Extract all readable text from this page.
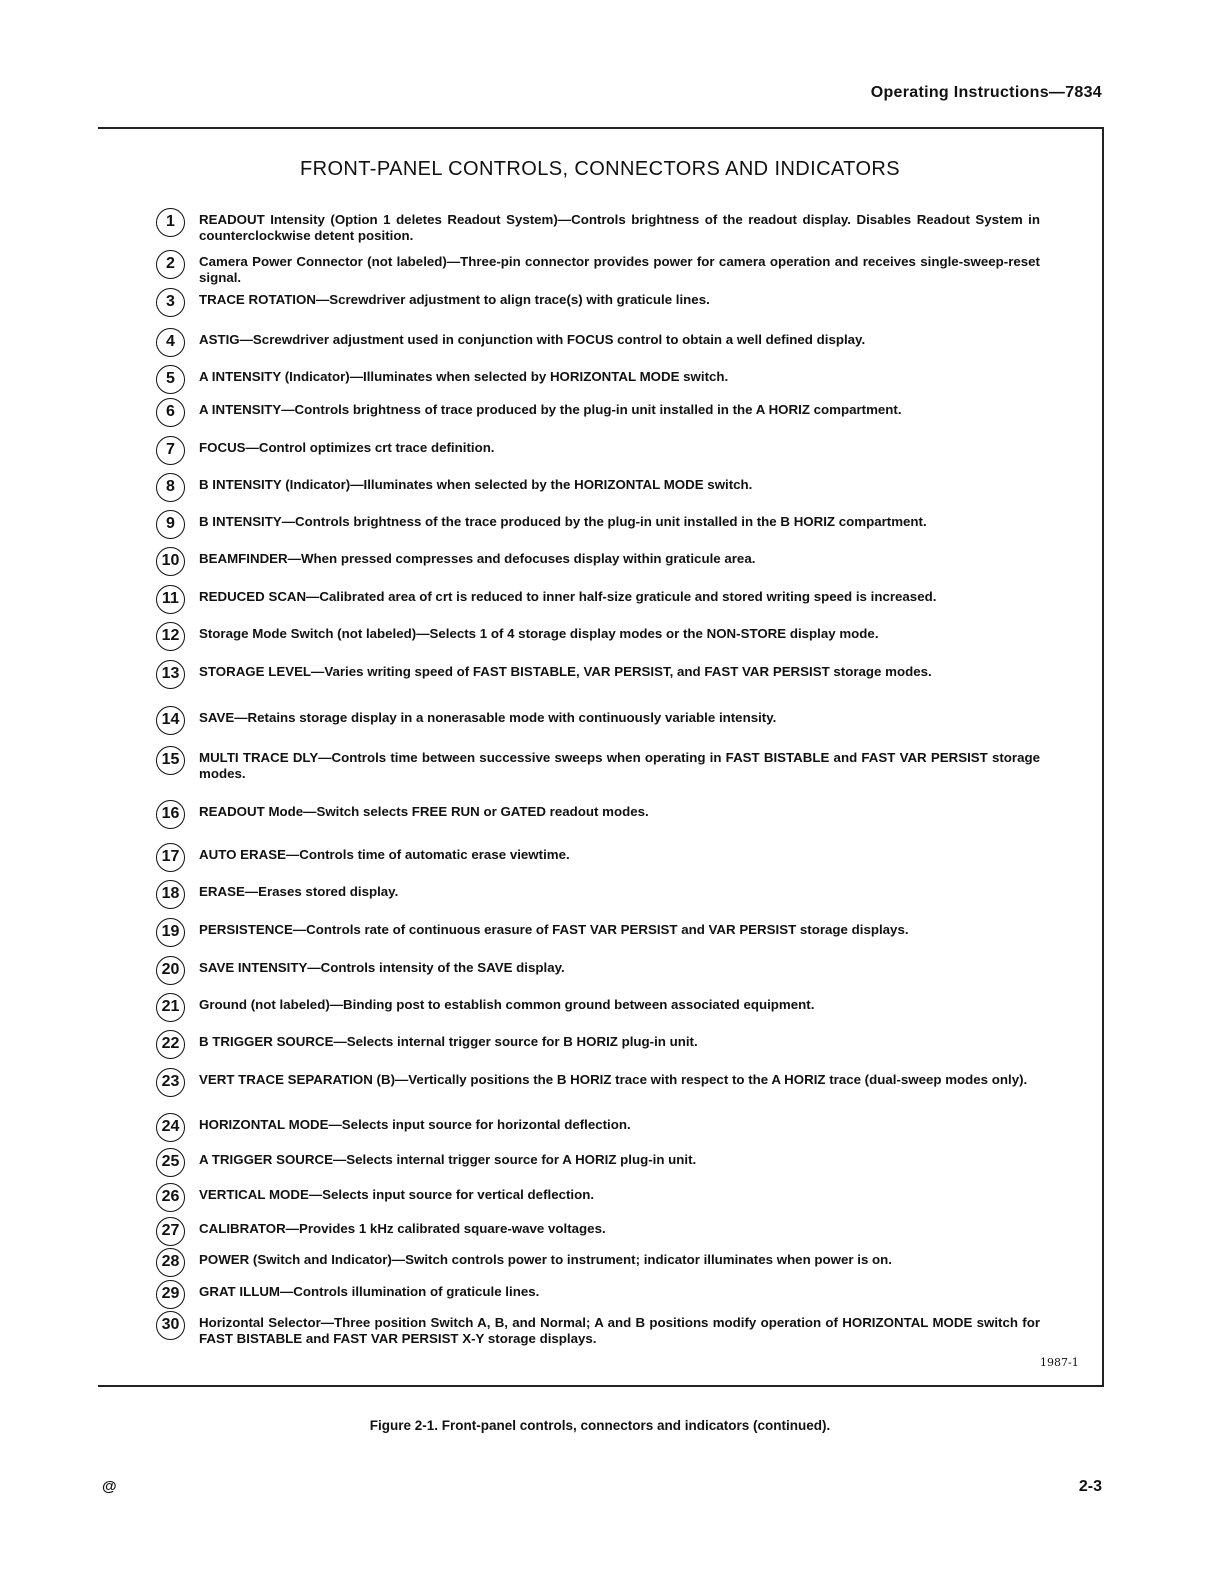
Operating Instructions—7834
FRONT-PANEL CONTROLS, CONNECTORS AND INDICATORS
1	READOUT Intensity (Option 1 deletes Readout System)—Controls brightness of the readout display. Disables Readout System in counterclockwise detent position.
2	Camera Power Connector (not labeled)—Three-pin connector provides power for camera operation and receives single-sweep-reset signal.
3	TRACE ROTATION—Screwdriver adjustment to align trace(s) with graticule lines.
4	ASTIG—Screwdriver adjustment used in conjunction with FOCUS control to obtain a well defined display.
5	A INTENSITY (Indicator)—Illuminates when selected by HORIZONTAL MODE switch.
6	A INTENSITY—Controls brightness of trace produced by the plug-in unit installed in the A HORIZ compartment.
7	FOCUS—Control optimizes crt trace definition.
8	B INTENSITY (Indicator)—Illuminates when selected by the HORIZONTAL MODE switch.
9	B INTENSITY—Controls brightness of the trace produced by the plug-in unit installed in the B HORIZ compartment.
10	BEAMFINDER—When pressed compresses and defocuses display within graticule area.
11	REDUCED SCAN—Calibrated area of crt is reduced to inner half-size graticule and stored writing speed is increased.
12	Storage Mode Switch (not labeled)—Selects 1 of 4 storage display modes or the NON-STORE display mode.
13	STORAGE LEVEL—Varies writing speed of FAST BISTABLE, VAR PERSIST, and FAST VAR PERSIST storage modes.
14	SAVE—Retains storage display in a nonerasable mode with continuously variable intensity.
15	MULTI TRACE DLY—Controls time between successive sweeps when operating in FAST BISTABLE and FAST VAR PERSIST storage modes.
16	READOUT Mode—Switch selects FREE RUN or GATED readout modes.
17	AUTO ERASE—Controls time of automatic erase viewtime.
18	ERASE—Erases stored display.
19	PERSISTENCE—Controls rate of continuous erasure of FAST VAR PERSIST and VAR PERSIST storage displays.
20	SAVE INTENSITY—Controls intensity of the SAVE display.
21	Ground (not labeled)—Binding post to establish common ground between associated equipment.
22	B TRIGGER SOURCE—Selects internal trigger source for B HORIZ plug-in unit.
23	VERT TRACE SEPARATION (B)—Vertically positions the B HORIZ trace with respect to the A HORIZ trace (dual-sweep modes only).
24	HORIZONTAL MODE—Selects input source for horizontal deflection.
25	A TRIGGER SOURCE—Selects internal trigger source for A HORIZ plug-in unit.
26	VERTICAL MODE—Selects input source for vertical deflection.
27	CALIBRATOR—Provides 1 kHz calibrated square-wave voltages.
28	POWER (Switch and Indicator)—Switch controls power to instrument; indicator illuminates when power is on.
29	GRAT ILLUM—Controls illumination of graticule lines.
30	Horizontal Selector—Three position Switch A, B, and Normal; A and B positions modify operation of HORIZONTAL MODE switch for FAST BISTABLE and FAST VAR PERSIST X-Y storage displays.
1987-1
Figure 2-1. Front-panel controls, connectors and indicators (continued).
@	2-3
